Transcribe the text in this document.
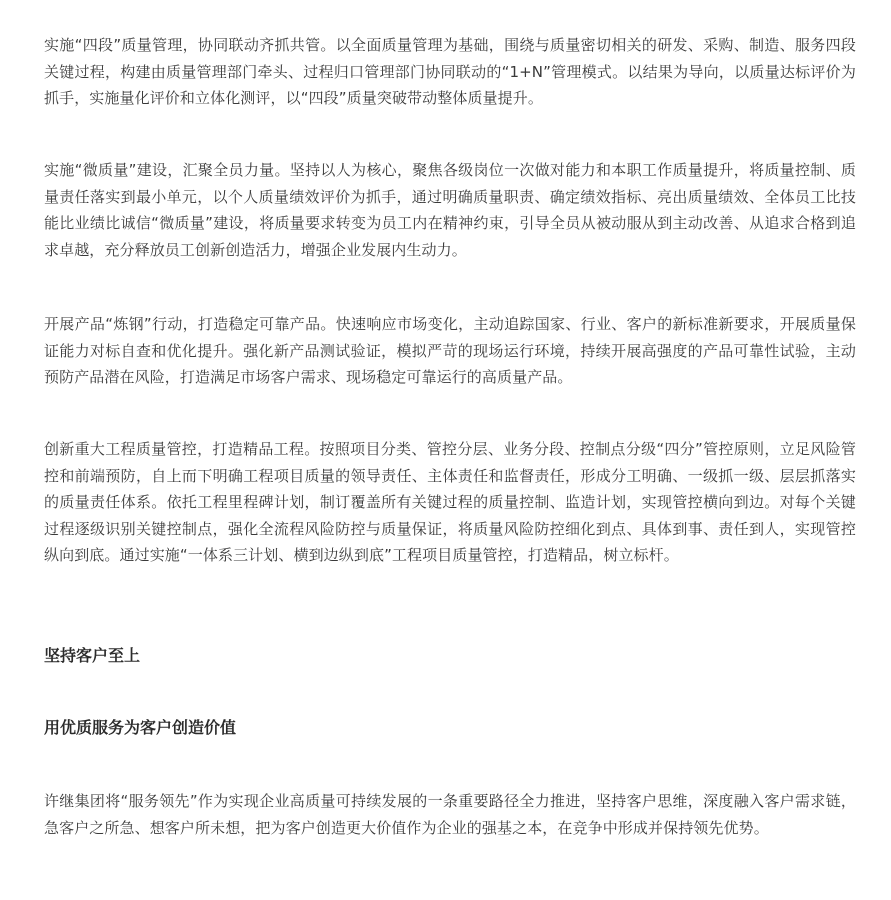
实施“四段”质量管理，协同联动齐抓共管。以全面质量管理为基础，围绕与质量密切相关的研发、采购、制造、服务四段关键过程，构建由质量管理部门牵头、过程归口管理部门协同联动的“1+N”管理模式。以结果为导向，以质量达标评价为抓手，实施量化评价和立体化测评，以“四段”质量突破带动整体质量提升。

实施“微质量”建设，汇聚全员力量。坚持以人为核心，聚焦各级岗位一次做对能力和本职工作质量提升，将质量控制、质量责任落实到最小单元，以个人质量绩效评价为抓手，通过明确质量职责、确定绩效指标、亮出质量绩效、全体员工比技能比业绩比诚信“微质量”建设，将质量要求转变为员工内在精神约束，引导全员从被动服从到主动改善、从追求合格到追求卓越，充分释放员工创新创造活力，增强企业发展内生动力。

开展产品“炼钢”行动，打造稳定可靠产品。快速响应市场变化，主动追踪国家、行业、客户的新标准新要求，开展质量保证能力对标自查和优化提升。强化新产品测试验证，模拟严苛的现场运行环境，持续开展高强度的产品可靠性试验，主动预防产品潜在风险，打造满足市场客户需求、现场稳定可靠运行的高质量产品。

创新重大工程质量管控，打造精品工程。按照项目分类、管控分层、业务分段、控制点分级“四分”管控原则，立足风险管控和前端预防，自上而下明确工程项目质量的领导责任、主体责任和监督责任，形成分工明确、一级抓一级、层层抓落实的质量责任体系。依托工程里程碑计划，制订覆盖所有关键过程的质量控制、监造计划，实现管控横向到边。对每个关键过程逐级识别关键控制点，强化全流程风险防控与质量保证，将质量风险防控细化到点、具体到事、责任到人，实现管控纵向到底。通过实施“一体系三计划、横到边纵到底”工程项目质量管控，打造精品，树立标杆。

坚持客户至上
用优质服务为客户创造价值

许继集团将“服务领先”作为实现企业高质量可持续发展的一条重要路径全力推进，坚持客户思维，深度融入客户需求链，急客户之所急、想客户所未想，把为客户创造更大价值作为企业的强基之本，在竞争中形成并保持领先优势。
